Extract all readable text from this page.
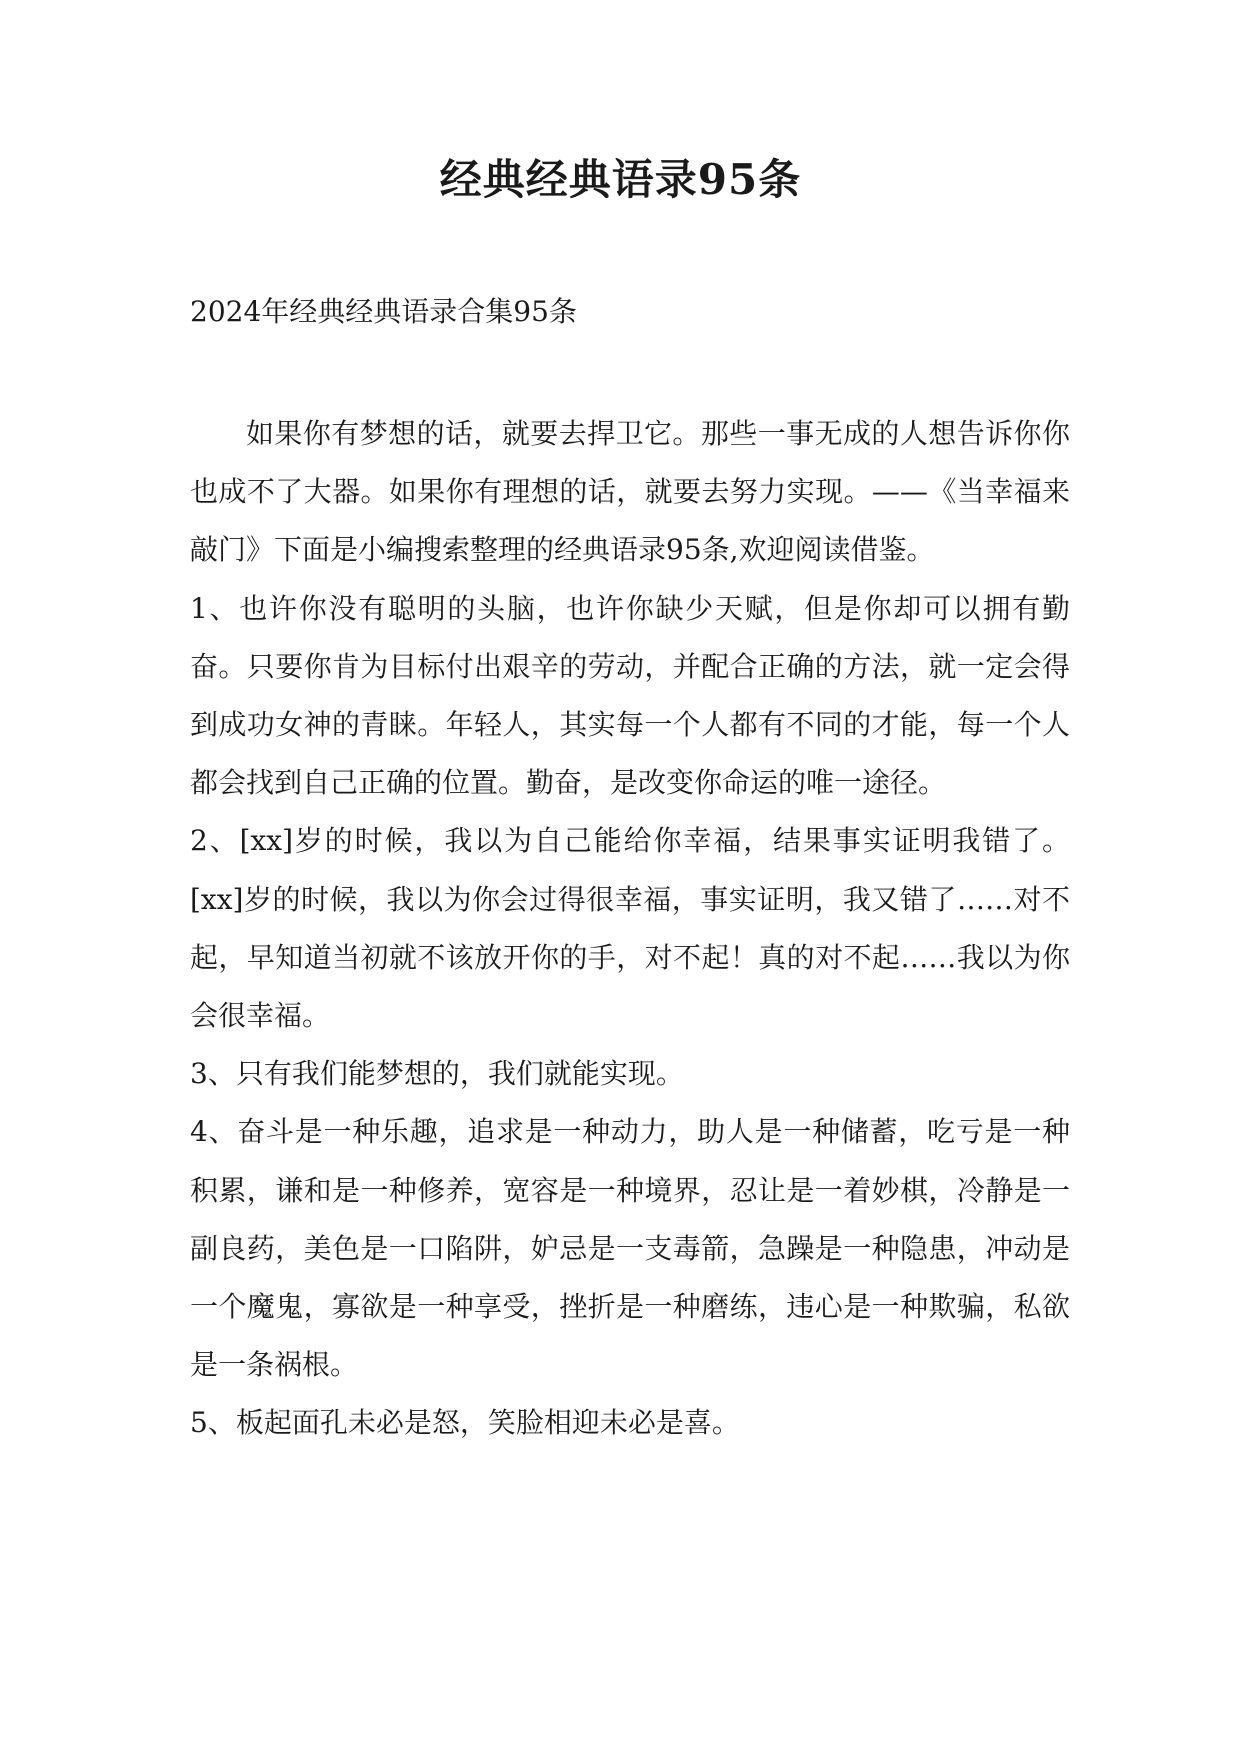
经典经典语录95条

2024年经典经典语录合集95条

如果你有梦想的话，就要去捍卫它。那些一事无成的人想告诉你你也成不了大器。如果你有理想的话，就要去努力实现。——《当幸福来敲门》下面是小编搜索整理的经典语录95条,欢迎阅读借鉴。

1、也许你没有聪明的头脑，也许你缺少天赋，但是你却可以拥有勤奋。只要你肯为目标付出艰辛的劳动，并配合正确的方法，就一定会得到成功女神的青睐。年轻人，其实每一个人都有不同的才能，每一个人都会找到自己正确的位置。勤奋，是改变你命运的唯一途径。

2、[xx]岁的时候，我以为自己能给你幸福，结果事实证明我错了。[xx]岁的时候，我以为你会过得很幸福，事实证明，我又错了……对不起，早知道当初就不该放开你的手，对不起！真的对不起……我以为你会很幸福。

3、只有我们能梦想的，我们就能实现。

4、奋斗是一种乐趣，追求是一种动力，助人是一种储蓄，吃亏是一种积累，谦和是一种修养，宽容是一种境界，忍让是一着妙棋，冷静是一副良药，美色是一口陷阱，妒忌是一支毒箭，急躁是一种隐患，冲动是一个魔鬼，寡欲是一种享受，挫折是一种磨练，违心是一种欺骗，私欲是一条祸根。

5、板起面孔未必是怒，笑脸相迎未必是喜。
